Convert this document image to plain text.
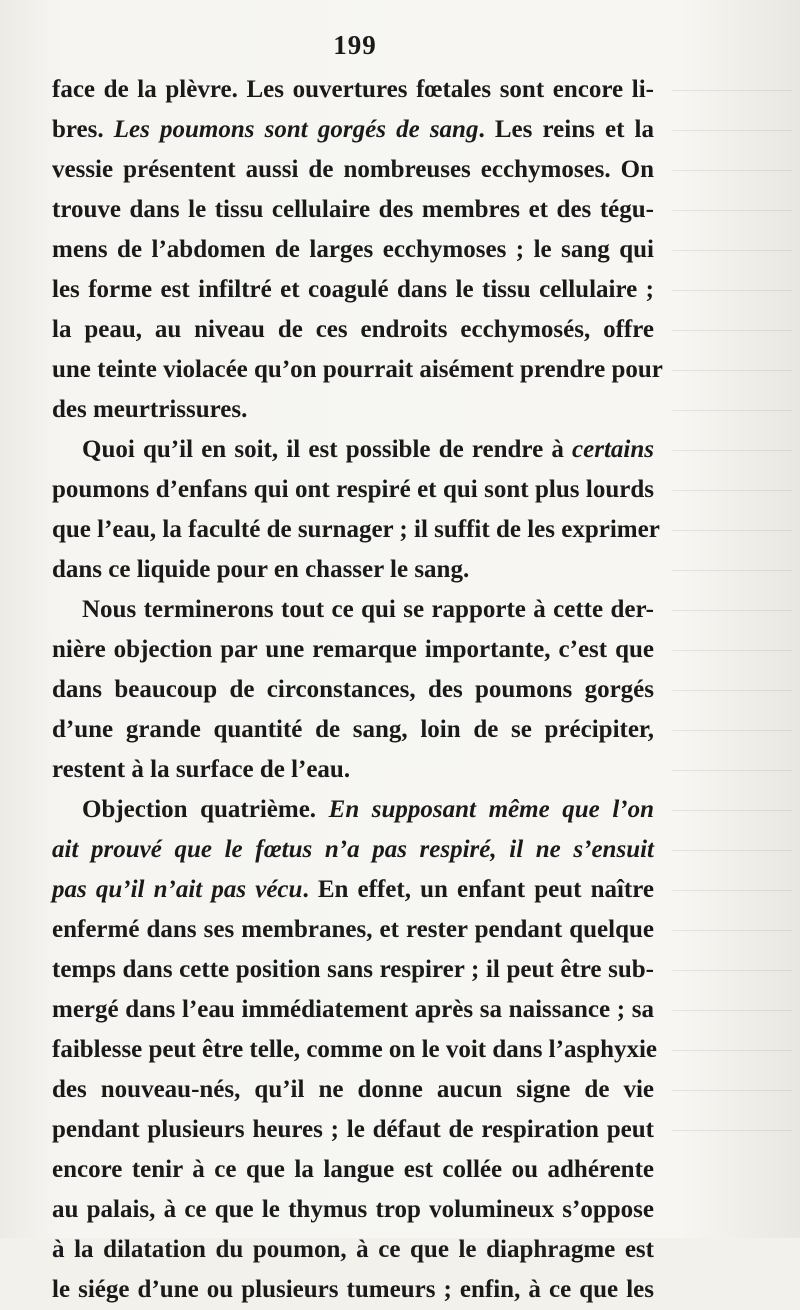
199
face de la plèvre. Les ouvertures fœtales sont encore li-
bres. Les poumons sont gorgés de sang. Les reins et la
vessie présentent aussi de nombreuses ecchymoses. On
trouve dans le tissu cellulaire des membres et des tégu-
mens de l’abdomen de larges ecchymoses ; le sang qui
les forme est infiltré et coagulé dans le tissu cellulaire ;
la peau, au niveau de ces endroits ecchymosés, offre
une teinte violacée qu’on pourrait aisément prendre pour
des meurtrissures.
Quoi qu’il en soit, il est possible de rendre à certains
poumons d’enfans qui ont respiré et qui sont plus lourds
que l’eau, la faculté de surnager ; il suffit de les exprimer
dans ce liquide pour en chasser le sang.
Nous terminerons tout ce qui se rapporte à cette der-
nière objection par une remarque importante, c’est que
dans beaucoup de circonstances, des poumons gorgés
d’une grande quantité de sang, loin de se précipiter,
restent à la surface de l’eau.
Objection quatrième. En supposant même que l’on
ait prouvé que le fœtus n’a pas respiré, il ne s’ensuit
pas qu’il n’ait pas vécu. En effet, un enfant peut naître
enfermé dans ses membranes, et rester pendant quelque
temps dans cette position sans respirer ; il peut être sub-
mergé dans l’eau immédiatement après sa naissance ; sa
faiblesse peut être telle, comme on le voit dans l’asphyxie
des nouveau-nés, qu’il ne donne aucun signe de vie
pendant plusieurs heures ; le défaut de respiration peut
encore tenir à ce que la langue est collée ou adhérente
au palais, à ce que le thymus trop volumineux s’oppose
à la dilatation du poumon, à ce que le diaphragme est
le siége d’une ou plusieurs tumeurs ; enfin, à ce que les
